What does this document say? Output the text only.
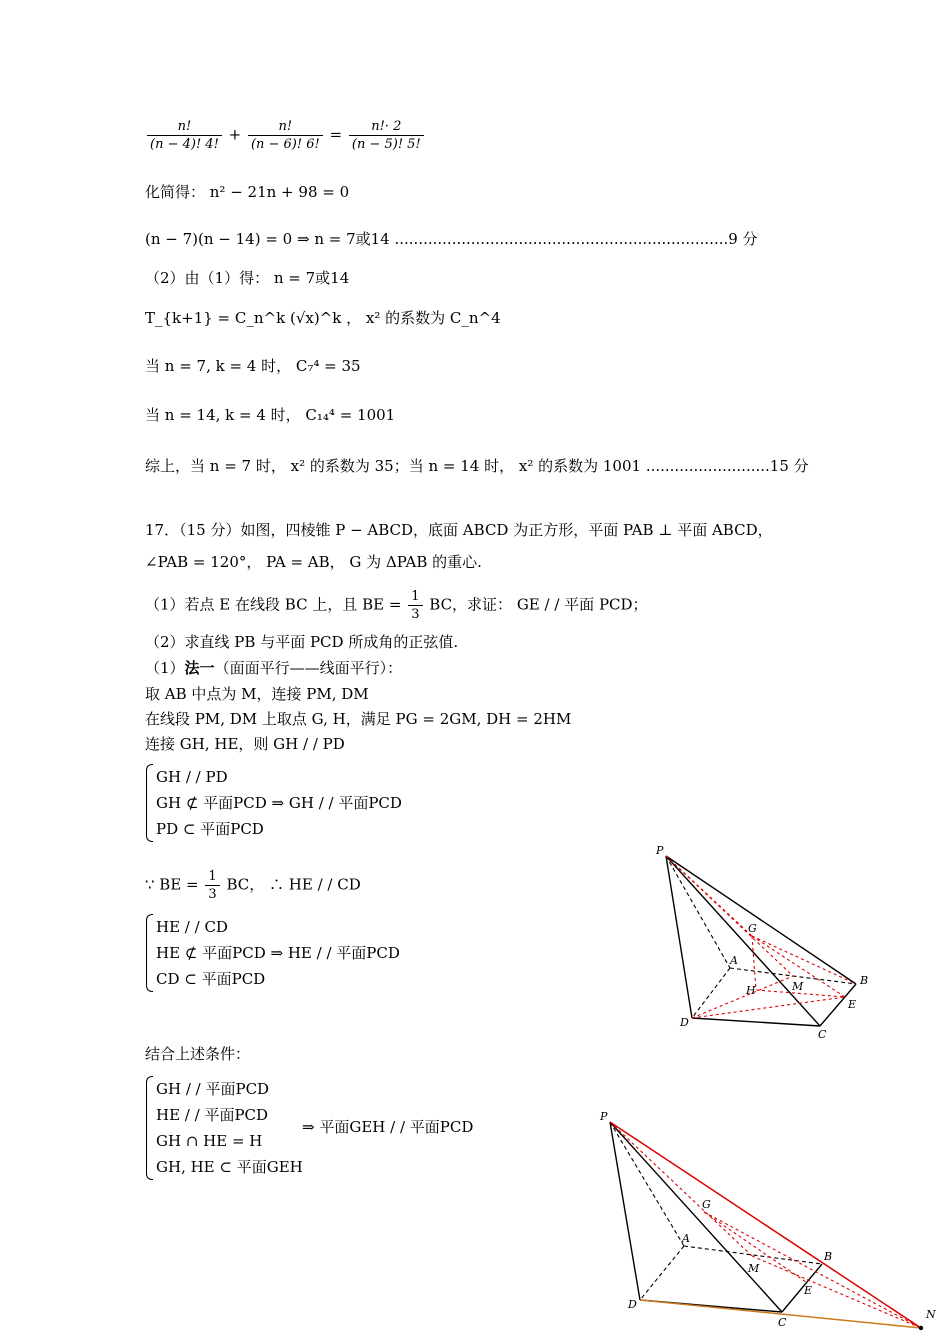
$\frac{n!}{(n - 4)! 4!} + \frac{n!}{(n - 6)! 6!} = \frac{n!\cdot 2}{(n - 5)! 5!}$
化简得： n² − 21n + 98 = 0
(n − 7)(n − 14) = 0 ⇒ n = 7或14 ......................................................................9 分
（2）由（1）得： n = 7或14
T_{k+1} = C_n^k (√x)^k ， x² 的系数为 C_n^4
当 n = 7, k = 4 时， C₇⁴ = 35
当 n = 14, k = 4 时， C₁₄⁴ = 1001
综上，当 n = 7 时， x² 的系数为 35；当 n = 14 时， x² 的系数为 1001 ..........................15 分
17．（15 分）如图，四棱锥 P − ABCD，底面 ABCD 为正方形，平面 PAB ⊥ 平面 ABCD，
∠PAB = 120°， PA = AB， G 为 ΔPAB 的重心.
（1）若点 E 在线段 BC 上，且 BE = $\frac{1}{3}$ BC，求证： GE / / 平面 PCD；
（2）求直线 PB 与平面 PCD 所成角的正弦值.
（1）法一（面面平行——线面平行）：
取 AB 中点为 M，连接 PM, DM
在线段 PM, DM 上取点 G, H，满足 PG = 2GM, DH = 2HM
连接 GH, HE，则 GH / / PD
GH / / PD
GH ⊄ 平面PCD ⇒ GH / / 平面PCD
PD ⊂ 平面PCD
∵ BE = $\frac{1}{3}$ BC， ∴ HE / / CD
HE / / CD
HE ⊄ 平面PCD ⇒ HE / / 平面PCD
CD ⊂ 平面PCD
结合上述条件：
GH / / 平面PCD
HE / / 平面PCD
GH ∩ HE = H
GH, HE ⊂ 平面GEH
⇒ 平面GEH / / 平面PCD
P
G
A
B
H	M
E
D
C
P
G
A
B
M
E
D
C
N
